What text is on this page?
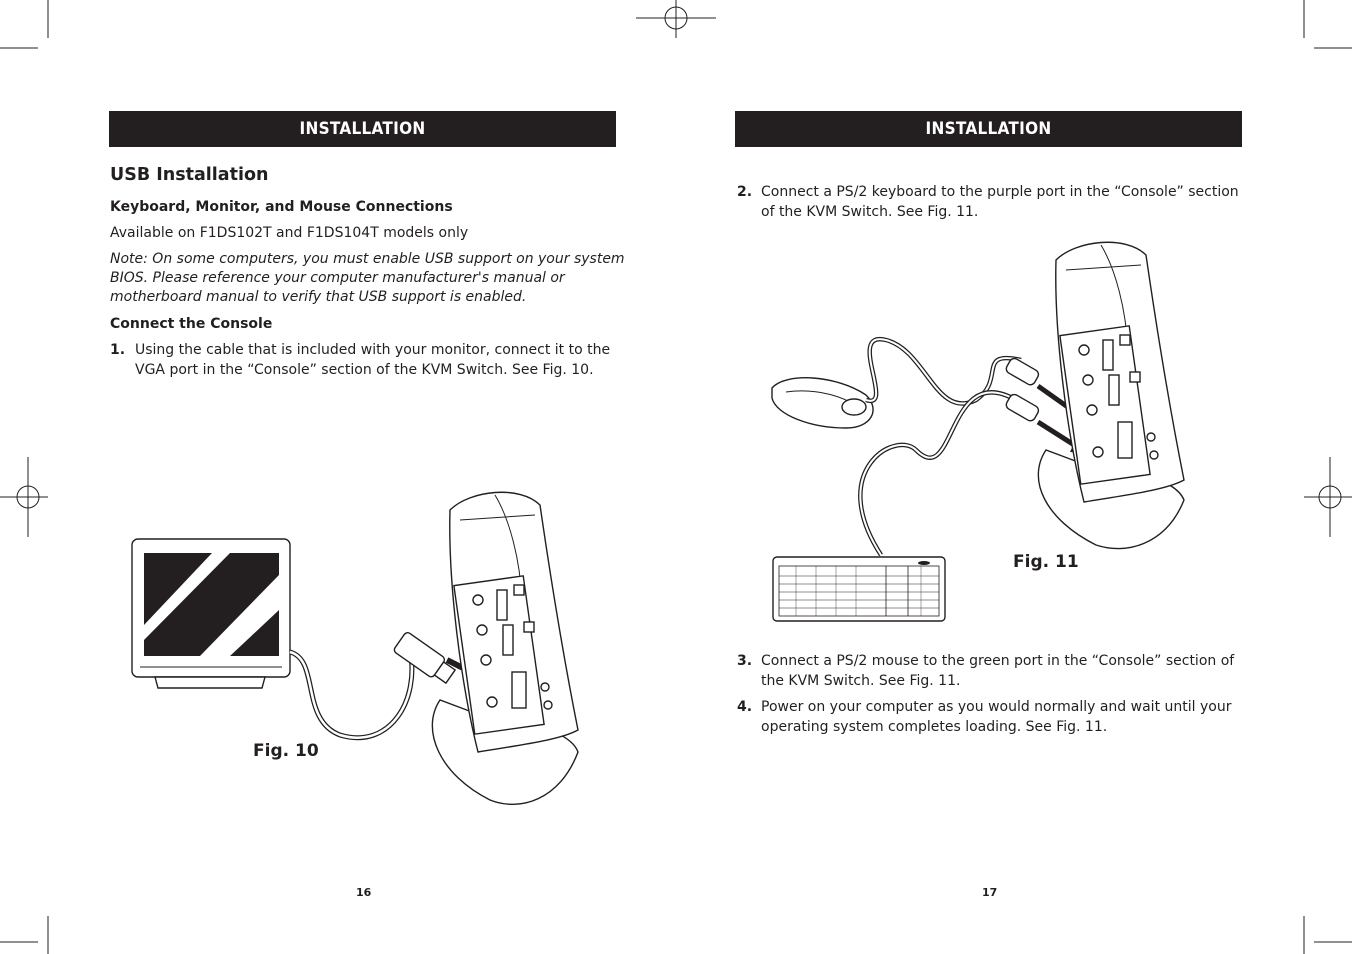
INSTALLATION
USB Installation
Keyboard, Monitor, and Mouse Connections
Available on F1DS102T and F1DS104T models only
Note: On some computers, you must enable USB support on your system
BIOS. Please reference your computer manufacturer's manual or
motherboard manual to verify that USB support is enabled.
Connect the Console
1. Using the cable that is included with your monitor, connect it to the
VGA port in the “Console” section of the KVM Switch. See Fig. 10.
Fig. 10
16
INSTALLATION
2. Connect a PS/2 keyboard to the purple port in the “Console” section
of the KVM Switch. See Fig. 11.
Fig. 11
3. Connect a PS/2 mouse to the green port in the “Console” section of
the KVM Switch. See Fig. 11.
4. Power on your computer as you would normally and wait until your
operating system completes loading. See Fig. 11.
17
